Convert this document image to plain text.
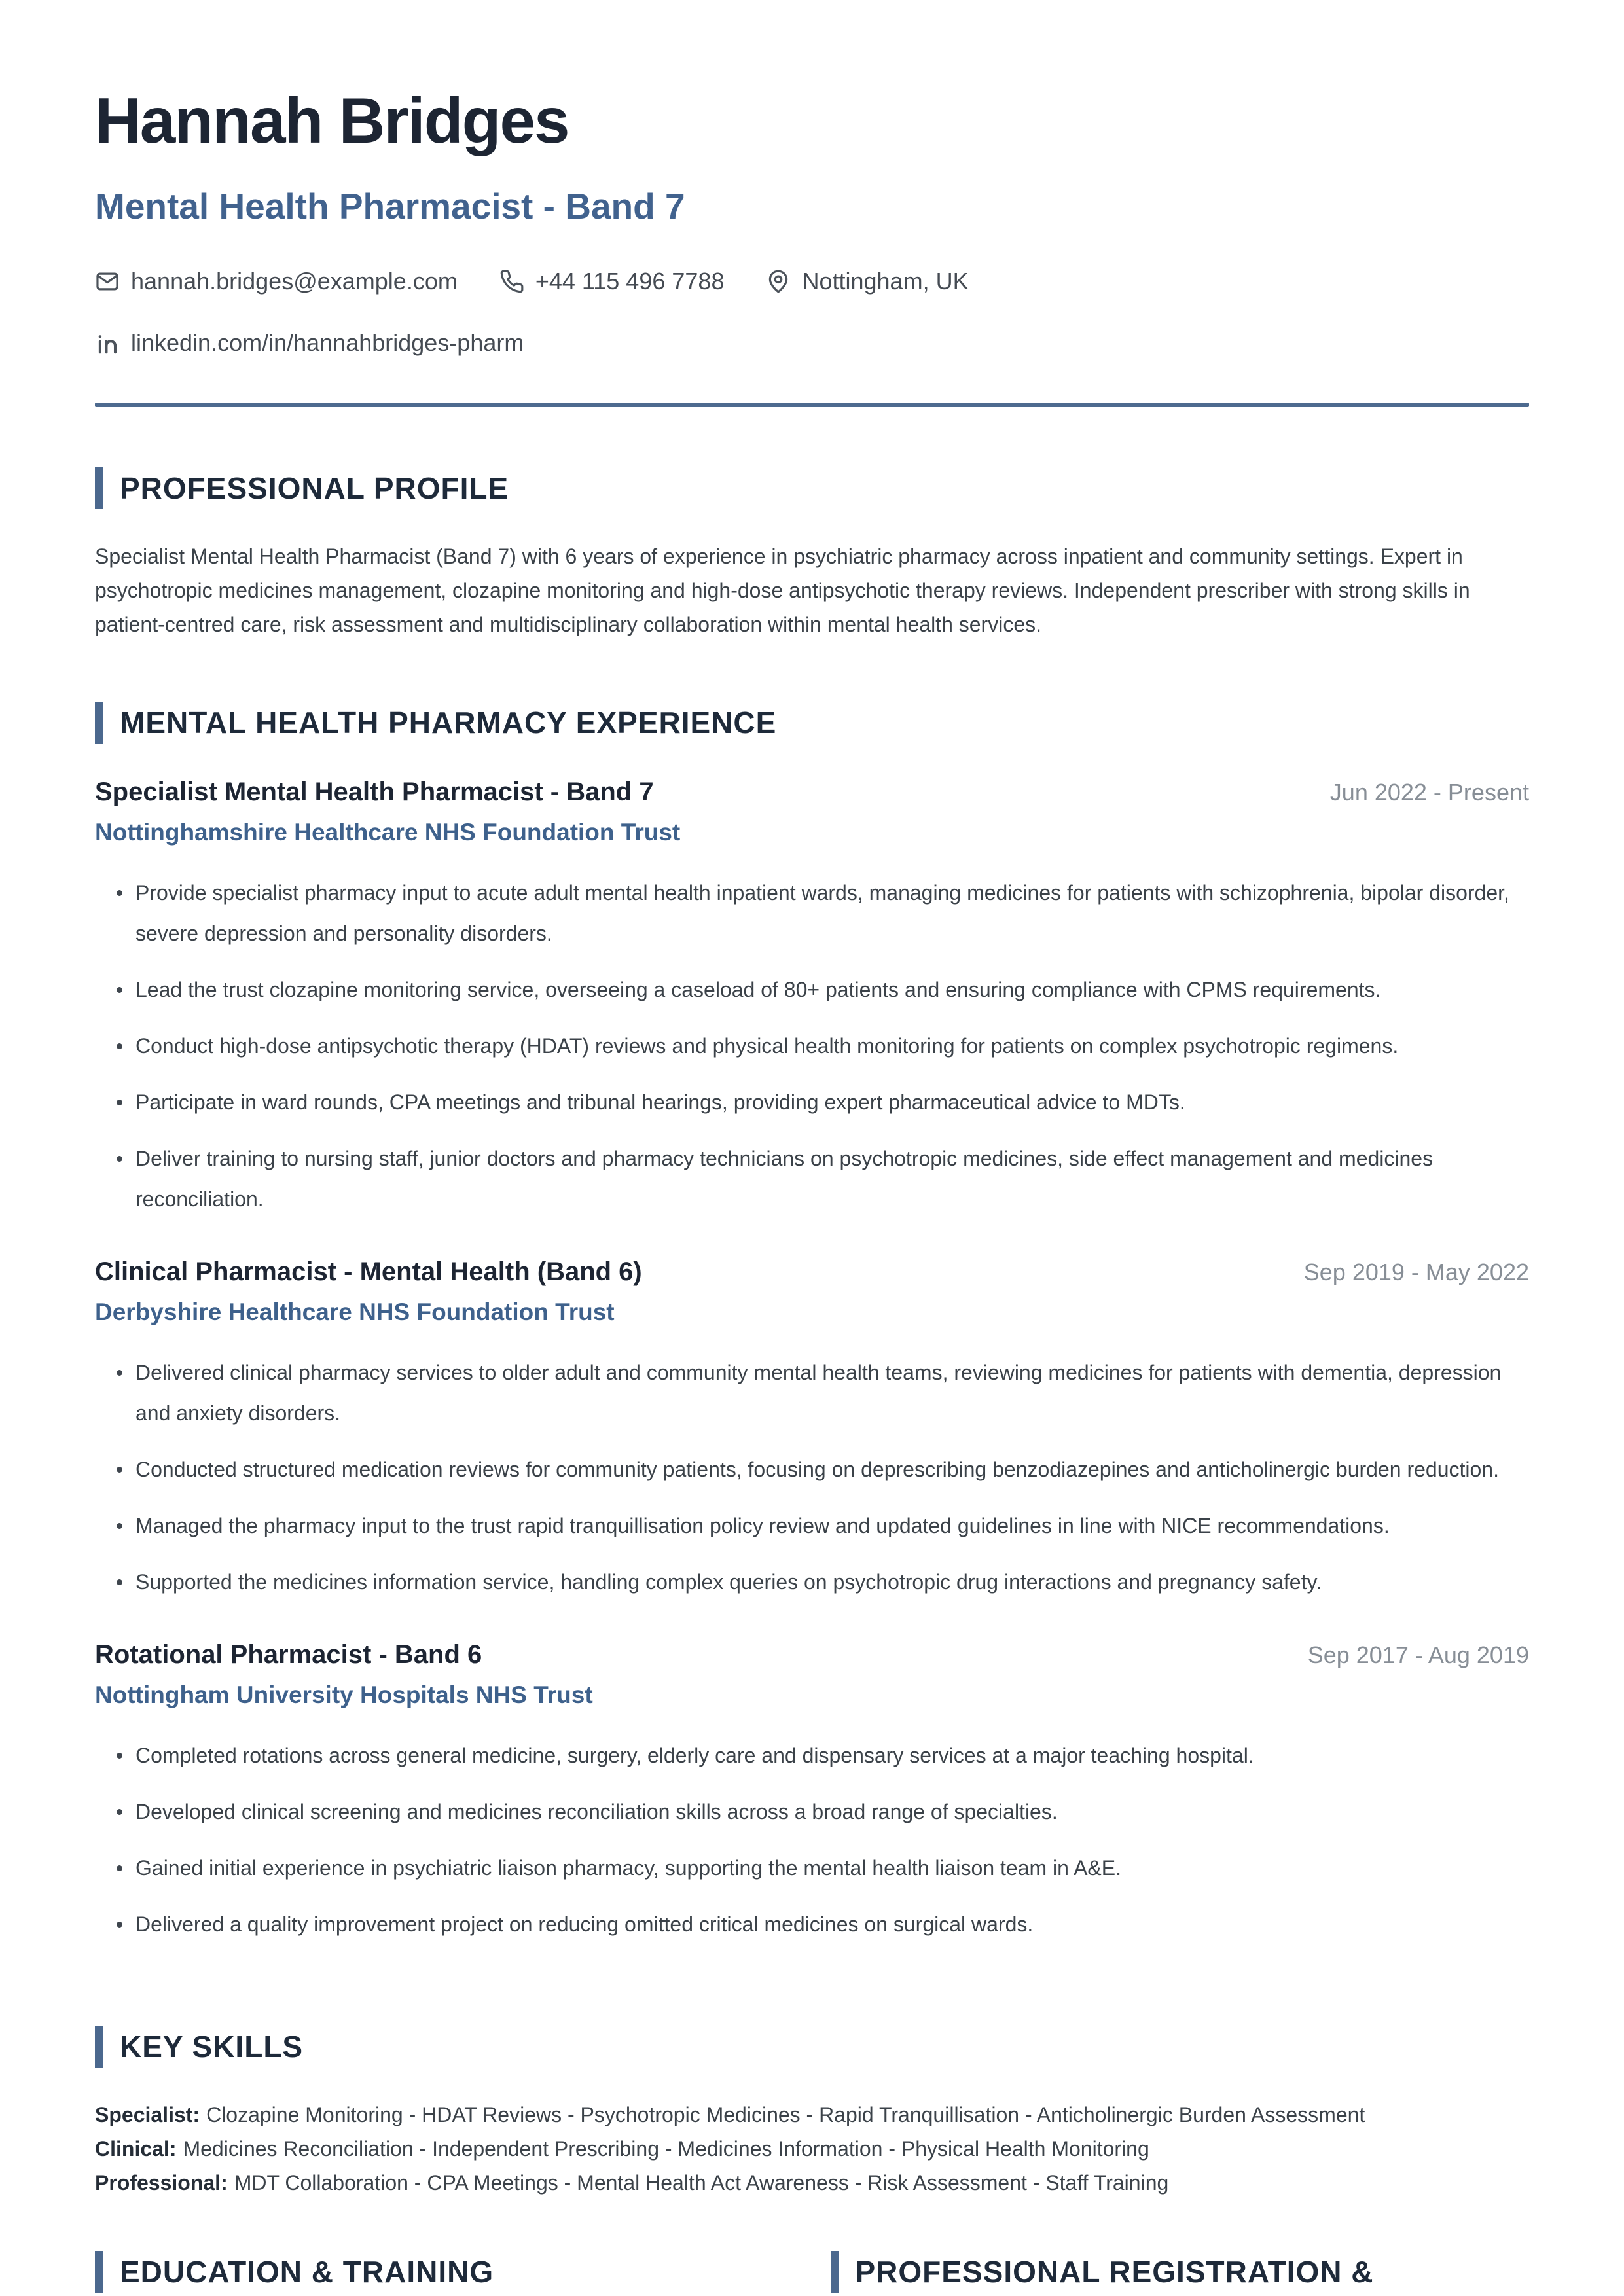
Hannah Bridges
Mental Health Pharmacist - Band 7
hannah.bridges@example.com	+44 115 496 7788	Nottingham, UK
linkedin.com/in/hannahbridges-pharm
PROFESSIONAL PROFILE

Specialist Mental Health Pharmacist (Band 7) with 6 years of experience in psychiatric pharmacy across inpatient and community settings. Expert in psychotropic medicines management, clozapine monitoring and high-dose antipsychotic therapy reviews. Independent prescriber with strong skills in patient-centred care, risk assessment and multidisciplinary collaboration within mental health services.

MENTAL HEALTH PHARMACY EXPERIENCE
Specialist Mental Health Pharmacist - Band 7	Jun 2022 - Present
Nottinghamshire Healthcare NHS Foundation Trust
Provide specialist pharmacy input to acute adult mental health inpatient wards, managing medicines for patients with schizophrenia, bipolar disorder, severe depression and personality disorders.
Lead the trust clozapine monitoring service, overseeing a caseload of 80+ patients and ensuring compliance with CPMS requirements.
Conduct high-dose antipsychotic therapy (HDAT) reviews and physical health monitoring for patients on complex psychotropic regimens.
Participate in ward rounds, CPA meetings and tribunal hearings, providing expert pharmaceutical advice to MDTs.
Deliver training to nursing staff, junior doctors and pharmacy technicians on psychotropic medicines, side effect management and medicines reconciliation.
Clinical Pharmacist - Mental Health (Band 6)	Sep 2019 - May 2022
Derbyshire Healthcare NHS Foundation Trust
Delivered clinical pharmacy services to older adult and community mental health teams, reviewing medicines for patients with dementia, depression and anxiety disorders.
Conducted structured medication reviews for community patients, focusing on deprescribing benzodiazepines and anticholinergic burden reduction.
Managed the pharmacy input to the trust rapid tranquillisation policy review and updated guidelines in line with NICE recommendations.
Supported the medicines information service, handling complex queries on psychotropic drug interactions and pregnancy safety.
Rotational Pharmacist - Band 6	Sep 2017 - Aug 2019
Nottingham University Hospitals NHS Trust
Completed rotations across general medicine, surgery, elderly care and dispensary services at a major teaching hospital.
Developed clinical screening and medicines reconciliation skills across a broad range of specialties.
Gained initial experience in psychiatric liaison pharmacy, supporting the mental health liaison team in A&E.
Delivered a quality improvement project on reducing omitted critical medicines on surgical wards.
KEY SKILLS

Specialist: Clozapine Monitoring - HDAT Reviews - Psychotropic Medicines - Rapid Tranquillisation - Anticholinergic Burden Assessment

Clinical: Medicines Reconciliation - Independent Prescribing - Medicines Information - Physical Health Monitoring

Professional: MDT Collaboration - CPA Meetings - Mental Health Act Awareness - Risk Assessment - Staff Training

EDUCATION & TRAINING	PROFESSIONAL REGISTRATION &
